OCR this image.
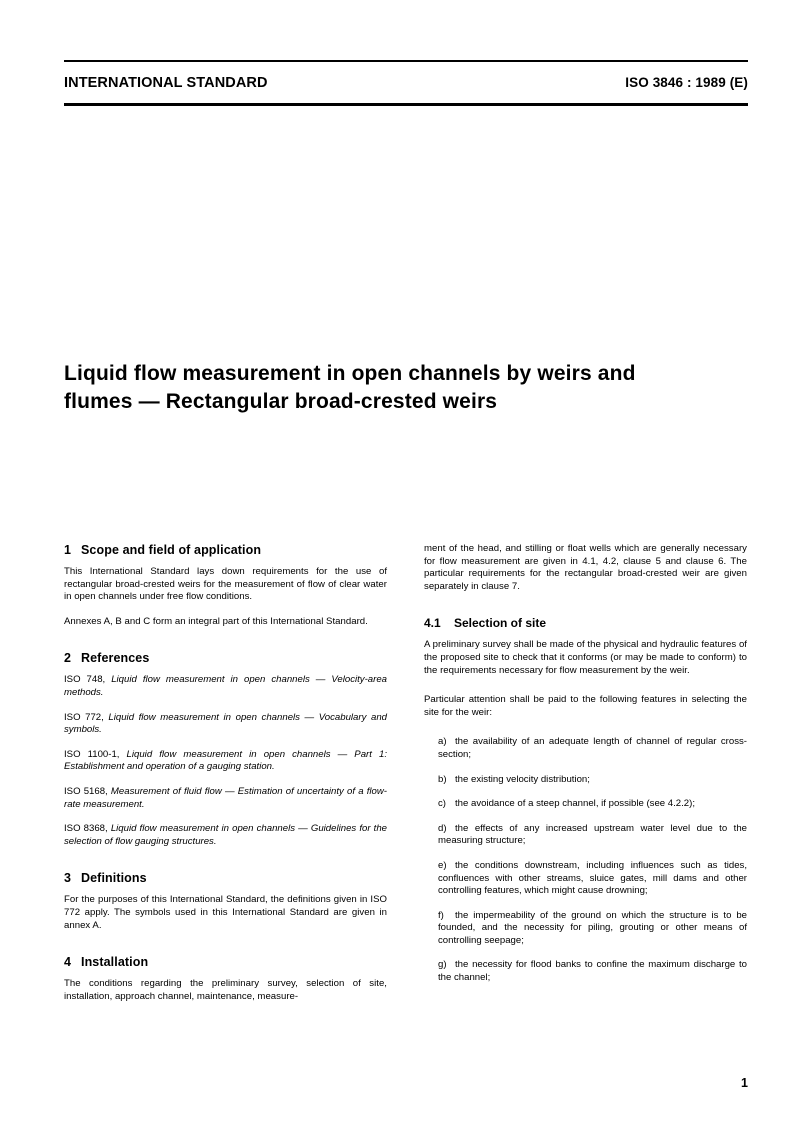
INTERNATIONAL STANDARD	ISO 3846 : 1989 (E)
Liquid flow measurement in open channels by weirs and flumes — Rectangular broad-crested weirs
1 Scope and field of application

This International Standard lays down requirements for the use of rectangular broad-crested weirs for the measurement of flow of clear water in open channels under free flow conditions.

Annexes A, B and C form an integral part of this International Standard.

2 References

ISO 748, Liquid flow measurement in open channels — Velocity-area methods.

ISO 772, Liquid flow measurement in open channels — Vocabulary and symbols.

ISO 1100-1, Liquid flow measurement in open channels — Part 1: Establishment and operation of a gauging station.

ISO 5168, Measurement of fluid flow — Estimation of uncertainty of a flow-rate measurement.

ISO 8368, Liquid flow measurement in open channels — Guidelines for the selection of flow gauging structures.

3 Definitions

For the purposes of this International Standard, the definitions given in ISO 772 apply. The symbols used in this International Standard are given in annex A.

4 Installation

The conditions regarding the preliminary survey, selection of site, installation, approach channel, maintenance, measure-

ment of the head, and stilling or float wells which are generally necessary for flow measurement are given in 4.1, 4.2, clause 5 and clause 6. The particular requirements for the rectangular broad-crested weir are given separately in clause 7.

4.1 Selection of site

A preliminary survey shall be made of the physical and hydraulic features of the proposed site to check that it conforms (or may be made to conform) to the requirements necessary for flow measurement by the weir.

Particular attention shall be paid to the following features in selecting the site for the weir:

a) the availability of an adequate length of channel of regular cross-section;

b) the existing velocity distribution;

c) the avoidance of a steep channel, if possible (see 4.2.2);

d) the effects of any increased upstream water level due to the measuring structure;

e) the conditions downstream, including influences such as tides, confluences with other streams, sluice gates, mill dams and other controlling features, which might cause drowning;

f) the impermeability of the ground on which the structure is to be founded, and the necessity for piling, grouting or other means of controlling seepage;

g) the necessity for flood banks to confine the maximum discharge to the channel;

1
